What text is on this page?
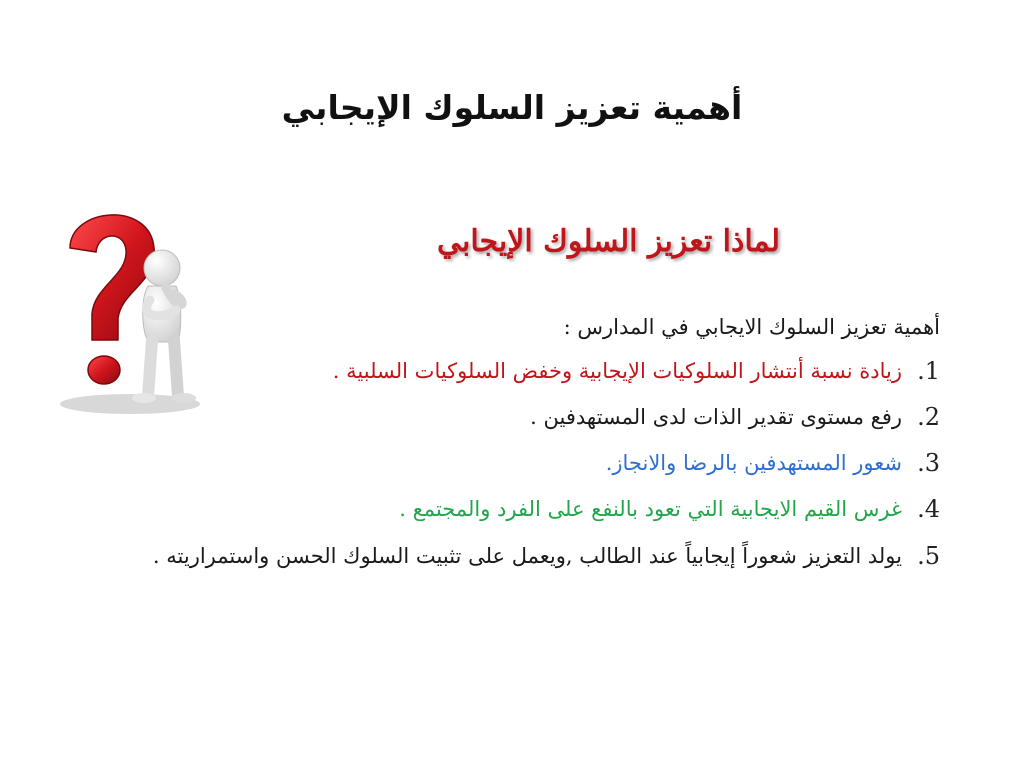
أهمية تعزيز السلوك الإيجابي
لماذا تعزيز السلوك الإيجابي
أهمية تعزيز السلوك الايجابي في المدارس :
1.
زيادة نسبة أنتشار السلوكيات الإيجابية وخفض السلوكيات السلبية .
2.
رفع مستوى تقدير الذات لدى المستهدفين .
3.
شعور المستهدفين بالرضا والانجاز.
4.
غرس القيم الايجابية التي تعود بالنفع على الفرد والمجتمع .
5.
يولد التعزيز شعوراً إيجابياً عند الطالب ,ويعمل على تثبيت السلوك الحسن واستمراريته .
